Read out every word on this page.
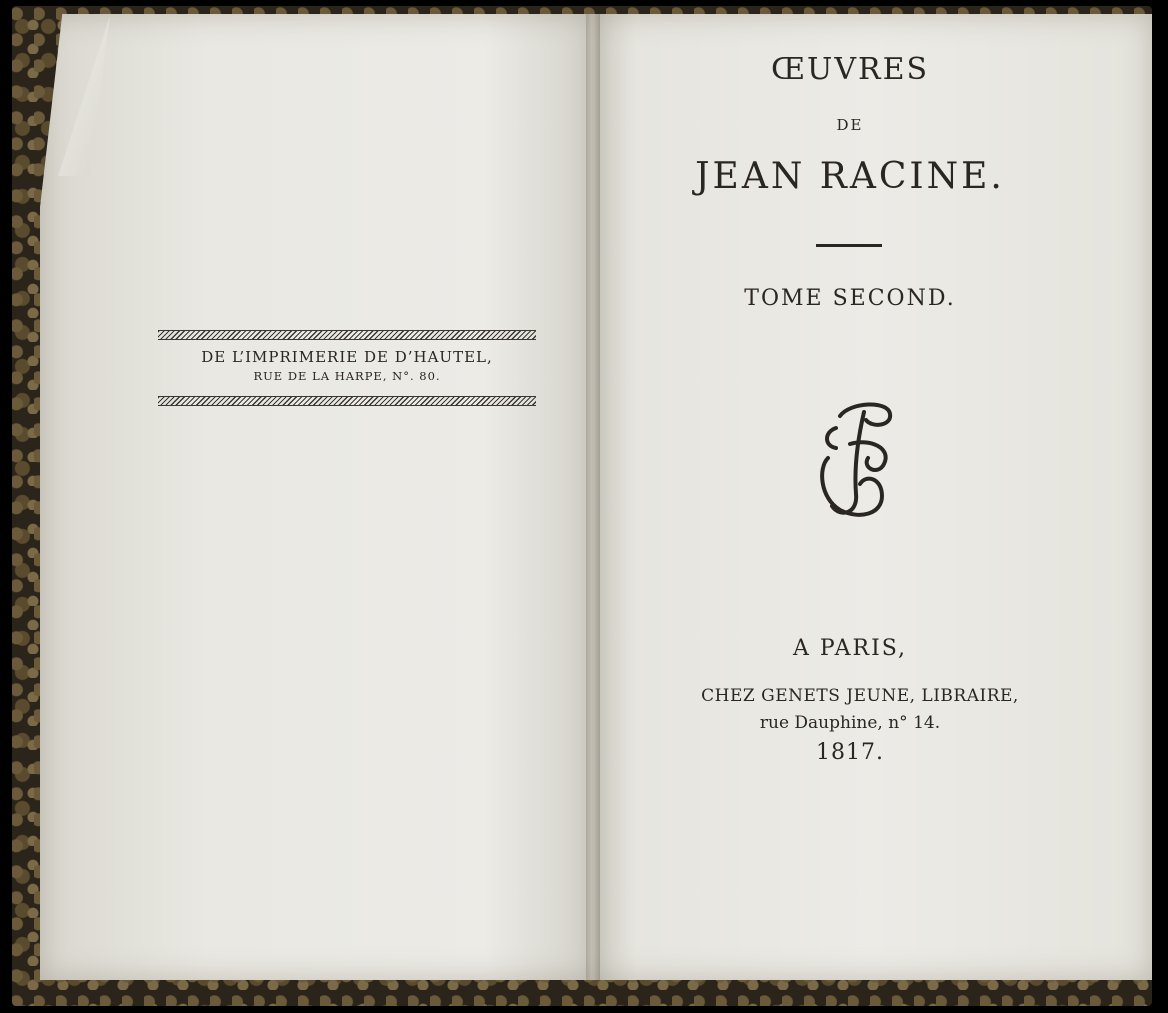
DE L’IMPRIMERIE DE D’HAUTEL,
RUE DE LA HARPE, N°. 80.
ŒUVRES
DE
JEAN RACINE.
TOME SECOND.
A PARIS,
CHEZ GENETS JEUNE, LIBRAIRE,
rue Dauphine, n° 14.
1817.
